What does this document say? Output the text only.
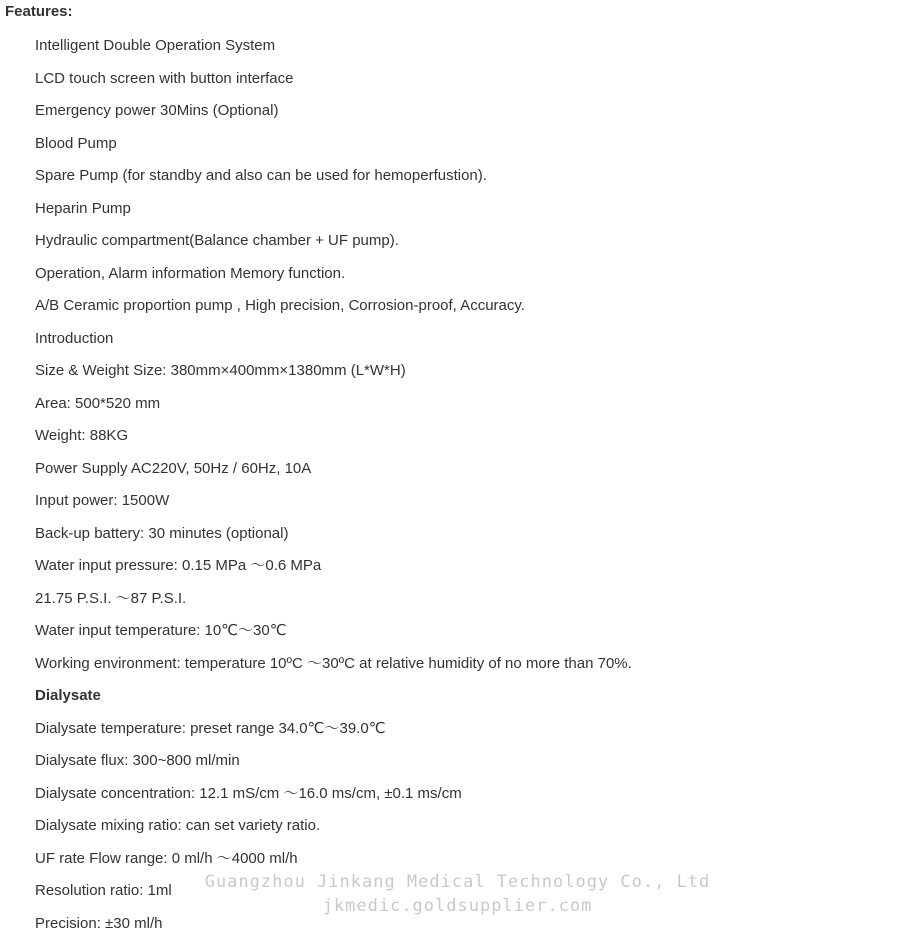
Features:
Intelligent Double Operation System
LCD touch screen with button interface
Emergency power 30Mins (Optional)
Blood Pump
Spare Pump (for standby and also can be used for hemoperfustion).
Heparin Pump
Hydraulic compartment(Balance chamber + UF pump).
Operation, Alarm information Memory function.
A/B Ceramic proportion pump , High precision, Corrosion-proof, Accuracy.
Introduction
Size & Weight Size: 380mm×400mm×1380mm (L*W*H)
Area: 500*520 mm
Weight: 88KG
Power Supply AC220V, 50Hz / 60Hz, 10A
Input power: 1500W
Back-up battery: 30 minutes (optional)
Water input pressure: 0.15 MPa ～0.6 MPa
21.75 P.S.I. ～87 P.S.I.
Water input temperature: 10℃～30℃
Working environment: temperature 10ºC ～30ºC at relative humidity of no more than 70%.
Dialysate
Dialysate temperature: preset range 34.0℃～39.0℃
Dialysate flux: 300~800 ml/min
Dialysate concentration: 12.1 mS/cm ～16.0 ms/cm, ±0.1 ms/cm
Dialysate mixing ratio: can set variety ratio.
UF rate Flow range: 0 ml/h ～4000 ml/h
Resolution ratio: 1ml
Precision: ±30 ml/h
Guangzhou Jinkang Medical Technology Co., Ltd
jkmedic.goldsupplier.com
